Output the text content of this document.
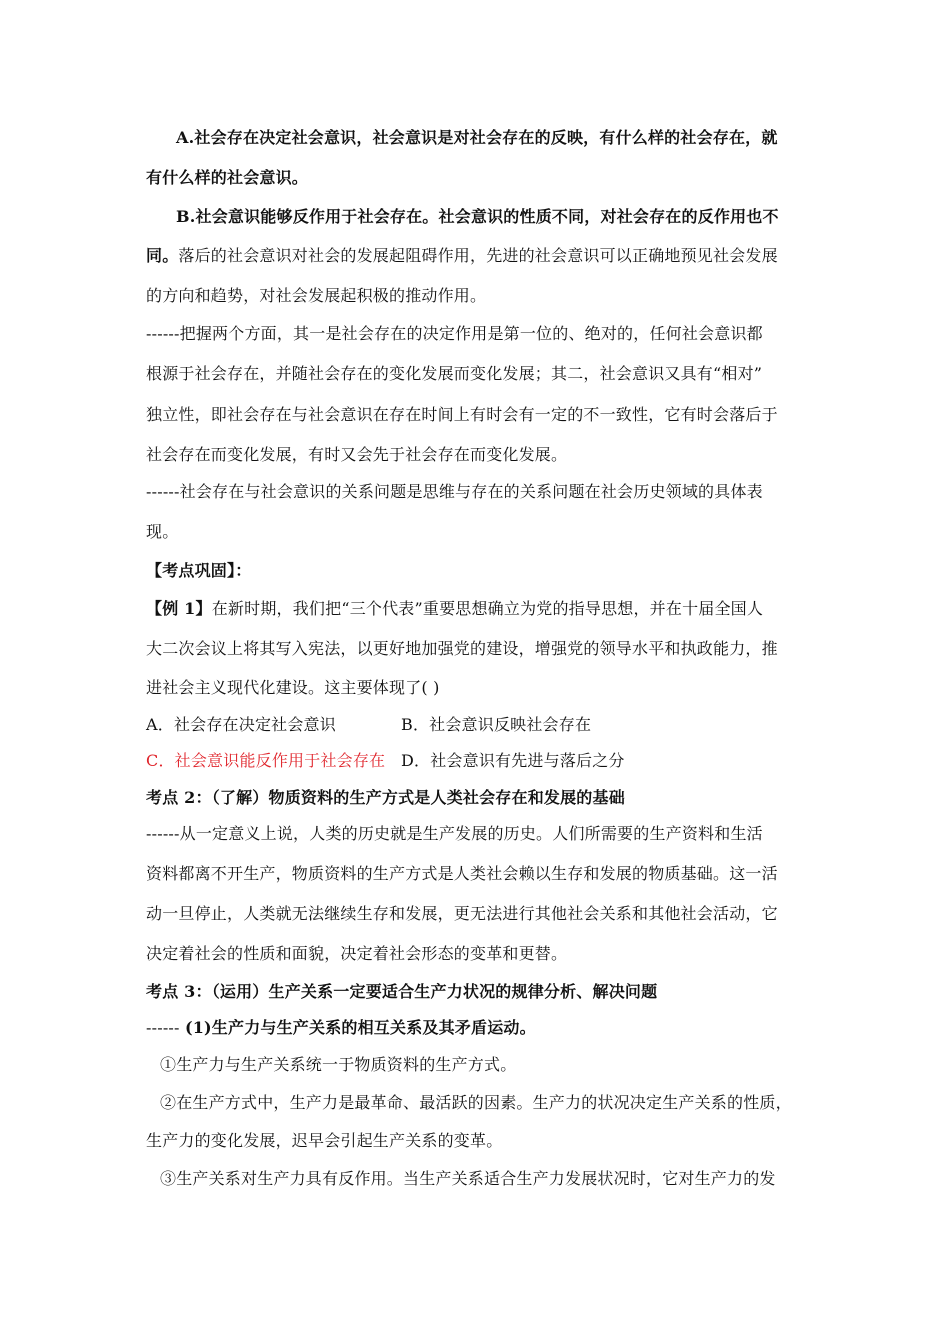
A.社会存在决定社会意识，社会意识是对社会存在的反映，有什么样的社会存在，就
有什么样的社会意识。
B.社会意识能够反作用于社会存在。社会意识的性质不同，对社会存在的反作用也不
同。落后的社会意识对社会的发展起阻碍作用，先进的社会意识可以正确地预见社会发展
的方向和趋势，对社会发展起积极的推动作用。
------把握两个方面，其一是社会存在的决定作用是第一位的、绝对的，任何社会意识都
根源于社会存在，并随社会存在的变化发展而变化发展；其二，社会意识又具有“相对”
独立性，即社会存在与社会意识在存在时间上有时会有一定的不一致性，它有时会落后于
社会存在而变化发展，有时又会先于社会存在而变化发展。
------社会存在与社会意识的关系问题是思维与存在的关系问题在社会历史领域的具体表
现。
【考点巩固】：
【例 1】在新时期，我们把“三个代表”重要思想确立为党的指导思想，并在十届全国人
大二次会议上将其写入宪法，以更好地加强党的建设，增强党的领导水平和执政能力，推
进社会主义现代化建设。这主要体现了( )
A．社会存在决定社会意识	B．社会意识反映社会存在
C．社会意识能反作用于社会存在 D．社会意识有先进与落后之分
考点 2：（了解）物质资料的生产方式是人类社会存在和发展的基础
------从一定意义上说，人类的历史就是生产发展的历史。人们所需要的生产资料和生活
资料都离不开生产，物质资料的生产方式是人类社会赖以生存和发展的物质基础。这一活
动一旦停止，人类就无法继续生存和发展，更无法进行其他社会关系和其他社会活动，它
决定着社会的性质和面貌，决定着社会形态的变革和更替。
考点 3：（运用）生产关系一定要适合生产力状况的规律分析、解决问题
------ (1)生产力与生产关系的相互关系及其矛盾运动。
①生产力与生产关系统一于物质资料的生产方式。
②在生产方式中，生产力是最革命、最活跃的因素。生产力的状况决定生产关系的性质，
生产力的变化发展，迟早会引起生产关系的变革。
③生产关系对生产力具有反作用。当生产关系适合生产力发展状况时，它对生产力的发
